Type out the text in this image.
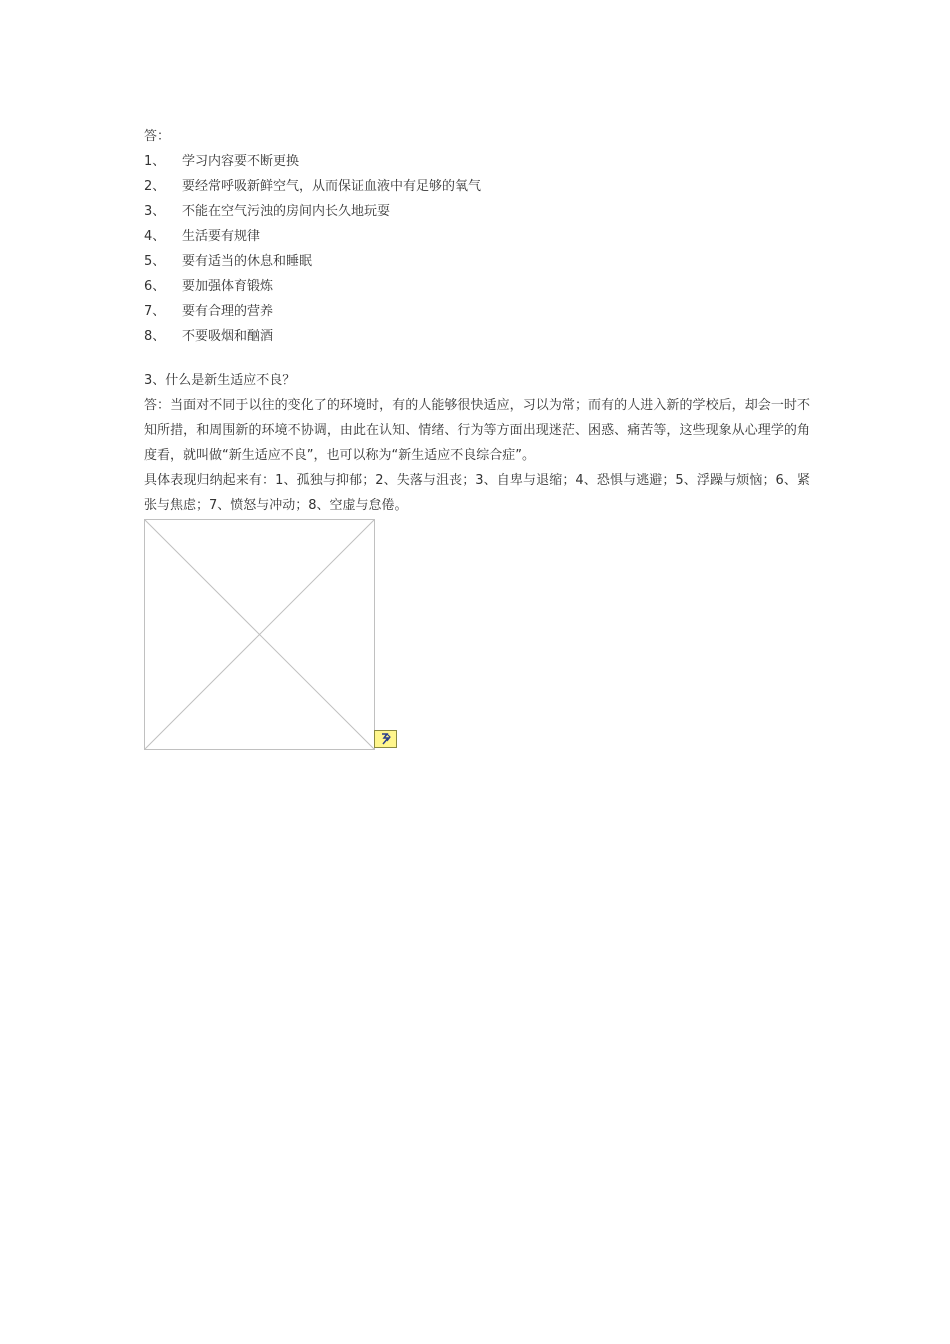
答：
1、 学习内容要不断更换
2、 要经常呼吸新鲜空气，从而保证血液中有足够的氧气
3、 不能在空气污浊的房间内长久地玩耍
4、 生活要有规律
5、 要有适当的休息和睡眠
6、 要加强体育锻炼
7、 要有合理的营养
8、 不要吸烟和酗酒
3、什么是新生适应不良？
答：当面对不同于以往的变化了的环境时，有的人能够很快适应，习以为常；而有的人进入新的学校后，却会一时不知所措，和周围新的环境不协调，由此在认知、情绪、行为等方面出现迷茫、困惑、痛苦等，这些现象从心理学的角度看，就叫做“新生适应不良”，也可以称为“新生适应不良综合症”。
具体表现归纳起来有：1、孤独与抑郁；2、失落与沮丧；3、自卑与退缩；4、恐惧与逃避；5、浮躁与烦恼；6、紧张与焦虑；7、愤怒与冲动；8、空虚与怠倦。
